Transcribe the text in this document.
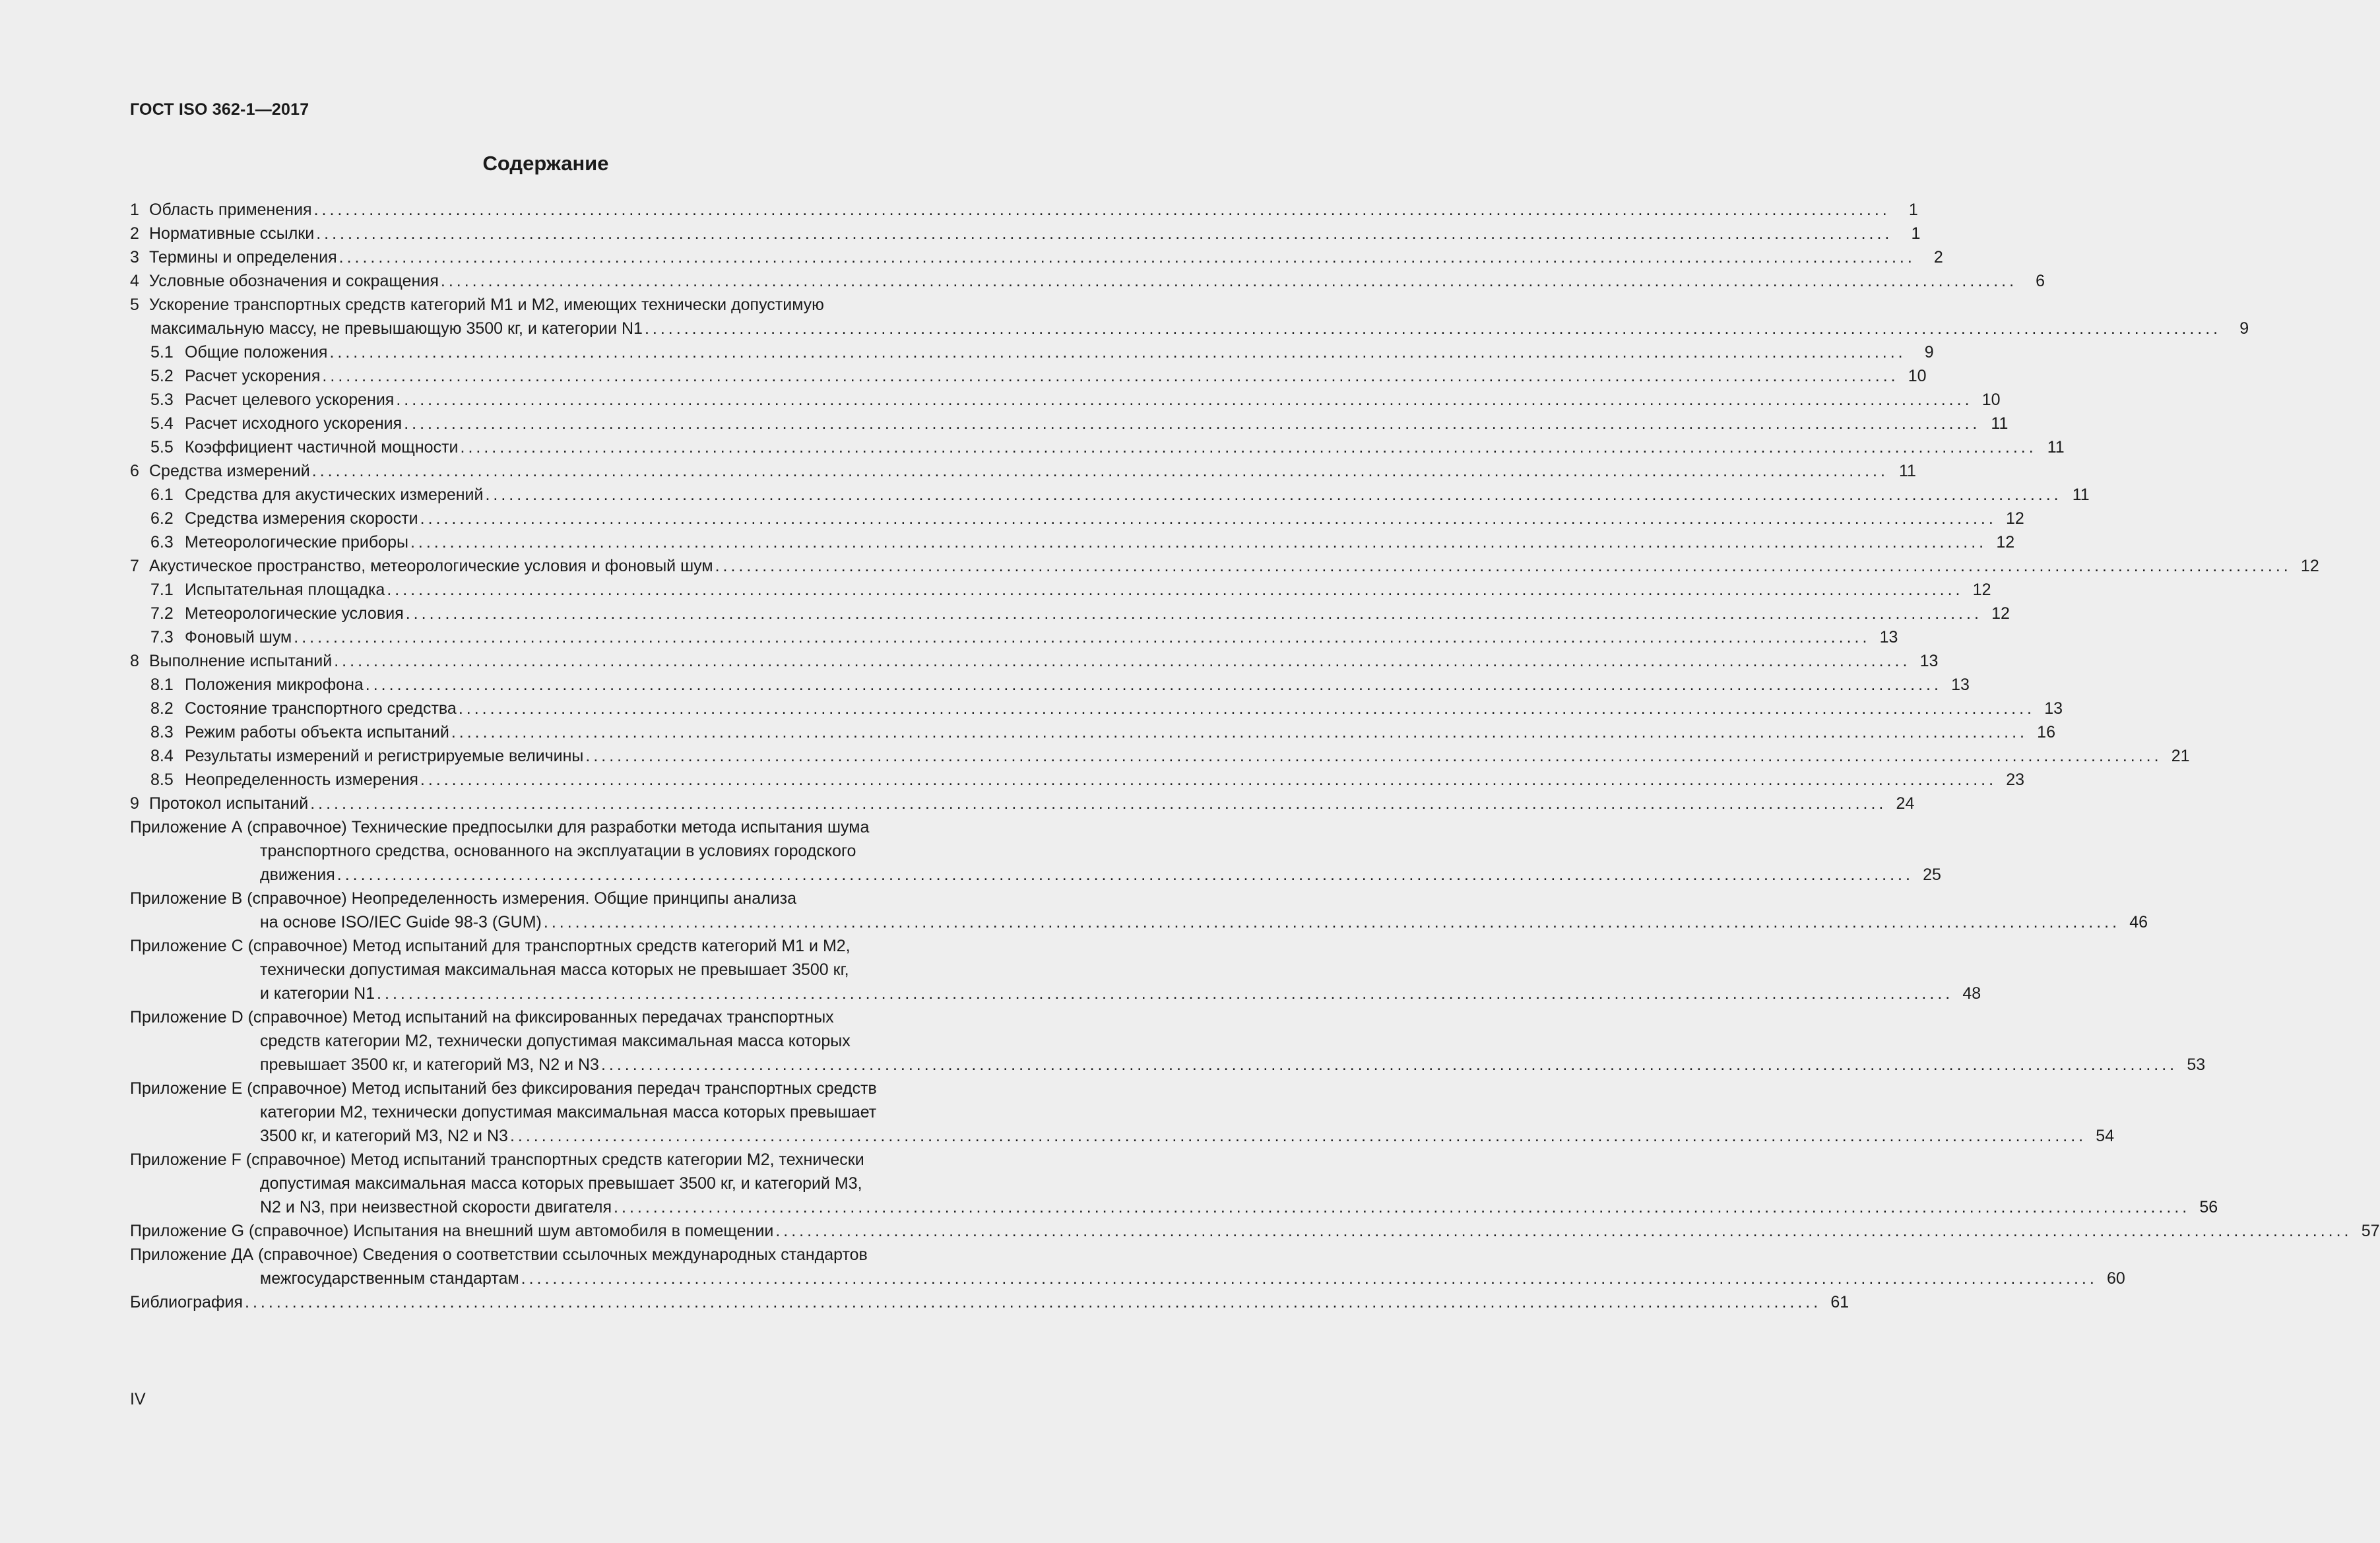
ГОСТ ISO 362-1—2017
Содержание
1 Область применения ........................................................................................................................................................................................................	1
2 Нормативные ссылки ........................................................................................................................................................................................................	1
3 Термины и определения ........................................................................................................................................................................................................	2
4 Условные обозначения и сокращения ........................................................................................................................................................................................................	6
5 Ускорение транспортных средств категорий M1 и M2, имеющих технически допустимую
максимальную массу, не превышающую 3500 кг, и категории N1 ........................................................................................................................................................................................................	9
5.1 Общие положения ........................................................................................................................................................................................................	9
5.2 Расчет ускорения ........................................................................................................................................................................................................ 10
5.3 Расчет целевого ускорения ........................................................................................................................................................................................................ 10
5.4 Расчет исходного ускорения ........................................................................................................................................................................................................ 11
5.5 Коэффициент частичной мощности ........................................................................................................................................................................................................ 11
6 Средства измерений ........................................................................................................................................................................................................ 11
6.1 Средства для акустических измерений ........................................................................................................................................................................................................ 11
6.2 Средства измерения скорости ........................................................................................................................................................................................................ 12
6.3 Метеорологические приборы ........................................................................................................................................................................................................ 12
7 Акустическое пространство, метеорологические условия и фоновый шум ........................................................................................................................................................................................................ 12
7.1 Испытательная площадка ........................................................................................................................................................................................................ 12
7.2 Метеорологические условия ........................................................................................................................................................................................................ 12
7.3 Фоновый шум ........................................................................................................................................................................................................ 13
8 Выполнение испытаний ........................................................................................................................................................................................................ 13
8.1 Положения микрофона ........................................................................................................................................................................................................ 13
8.2 Состояние транспортного средства ........................................................................................................................................................................................................ 13
8.3 Режим работы объекта испытаний ........................................................................................................................................................................................................ 16
8.4 Результаты измерений и регистрируемые величины ........................................................................................................................................................................................................ 21
8.5 Неопределенность измерения ........................................................................................................................................................................................................ 23
9 Протокол испытаний ........................................................................................................................................................................................................ 24
Приложение А (справочное) Технические предпосылки для разработки метода испытания шума
транспортного средства, основанного на эксплуатации в условиях городского
движения ........................................................................................................................................................................................................ 25
Приложение В (справочное) Неопределенность измерения. Общие принципы анализа
на основе ISO/IEC Guide 98-3 (GUM) ........................................................................................................................................................................................................ 46
Приложение С (справочное) Метод испытаний для транспортных средств категорий M1 и M2,
технически допустимая максимальная масса которых не превышает 3500 кг,
и категории N1 ........................................................................................................................................................................................................ 48
Приложение D (справочное) Метод испытаний на фиксированных передачах транспортных
средств категории M2, технически допустимая максимальная масса которых
превышает 3500 кг, и категорий M3, N2 и N3 ........................................................................................................................................................................................................ 53
Приложение Е (справочное) Метод испытаний без фиксирования передач транспортных средств
категории M2, технически допустимая максимальная масса которых превышает
3500 кг, и категорий M3, N2 и N3 ........................................................................................................................................................................................................ 54
Приложение F (справочное) Метод испытаний транспортных средств категории M2, технически
допустимая максимальная масса которых превышает 3500 кг, и категорий M3,
N2 и N3, при неизвестной скорости двигателя ........................................................................................................................................................................................................ 56
Приложение G (справочное) Испытания на внешний шум автомобиля в помещении ........................................................................................................................................................................................................ 57
Приложение ДА (справочное) Сведения о соответствии ссылочных международных стандартов
межгосударственным стандартам ........................................................................................................................................................................................................ 60
Библиография ........................................................................................................................................................................................................ 61
IV
